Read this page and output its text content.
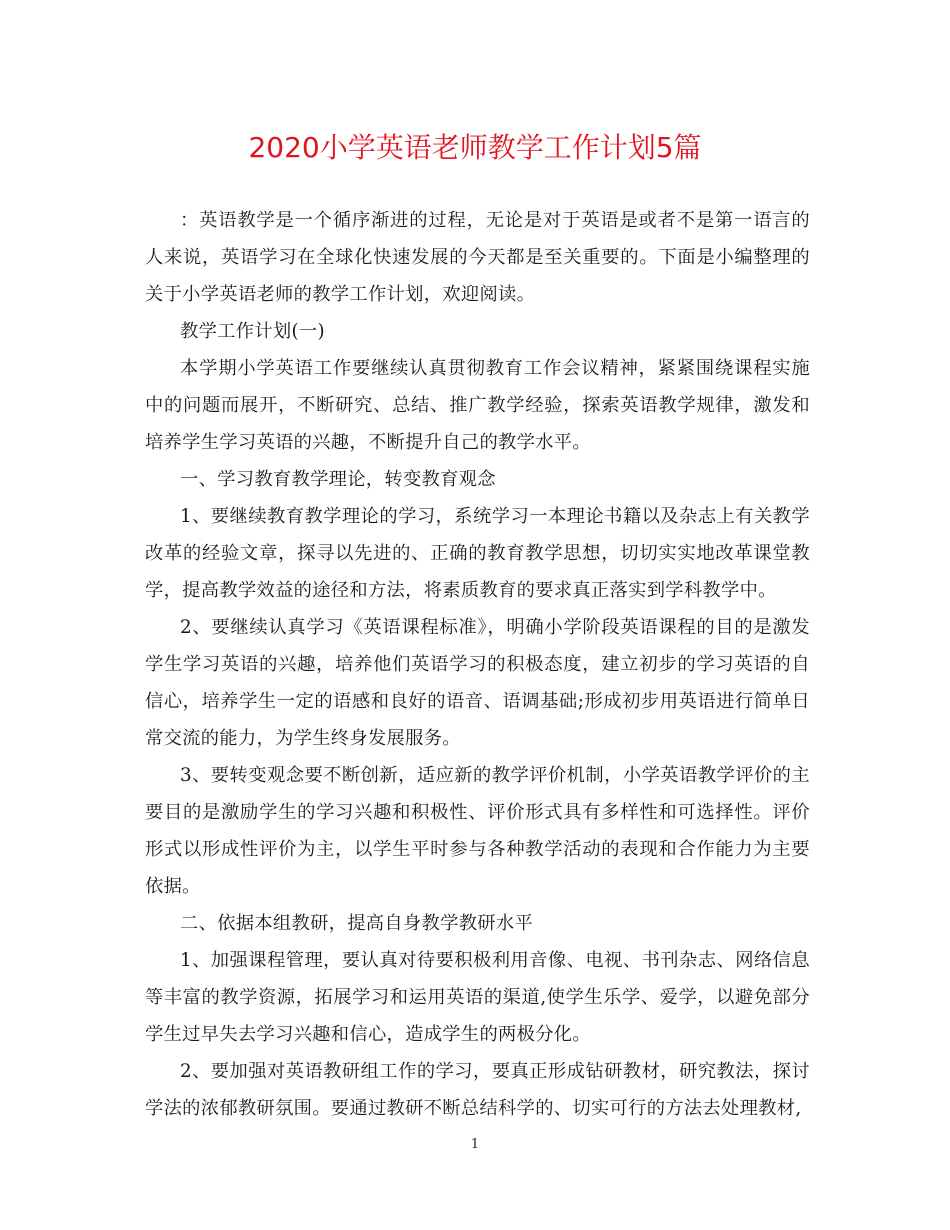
2020小学英语老师教学工作计划5篇

：英语教学是一个循序渐进的过程，无论是对于英语是或者不是第一语言的人来说，英语学习在全球化快速发展的今天都是至关重要的。下面是小编整理的关于小学英语老师的教学工作计划，欢迎阅读。

教学工作计划(一)

本学期小学英语工作要继续认真贯彻教育工作会议精神，紧紧围绕课程实施中的问题而展开，不断研究、总结、推广教学经验，探索英语教学规律，激发和培养学生学习英语的兴趣，不断提升自己的教学水平。

一、学习教育教学理论，转变教育观念

1、要继续教育教学理论的学习，系统学习一本理论书籍以及杂志上有关教学改革的经验文章，探寻以先进的、正确的教育教学思想，切切实实地改革课堂教学，提高教学效益的途径和方法，将素质教育的要求真正落实到学科教学中。

2、要继续认真学习《英语课程标准》，明确小学阶段英语课程的目的是激发学生学习英语的兴趣，培养他们英语学习的积极态度，建立初步的学习英语的自信心，培养学生一定的语感和良好的语音、语调基础;形成初步用英语进行简单日常交流的能力，为学生终身发展服务。

3、要转变观念要不断创新，适应新的教学评价机制，小学英语教学评价的主要目的是激励学生的学习兴趣和积极性、评价形式具有多样性和可选择性。评价形式以形成性评价为主，以学生平时参与各种教学活动的表现和合作能力为主要依据。

二、依据本组教研，提高自身教学教研水平

1、加强课程管理，要认真对待要积极利用音像、电视、书刊杂志、网络信息等丰富的教学资源，拓展学习和运用英语的渠道,使学生乐学、爱学，以避免部分学生过早失去学习兴趣和信心，造成学生的两极分化。

2、要加强对英语教研组工作的学习，要真正形成钻研教材，研究教法，探讨学法的浓郁教研氛围。要通过教研不断总结科学的、切实可行的方法去处理教材,

1
